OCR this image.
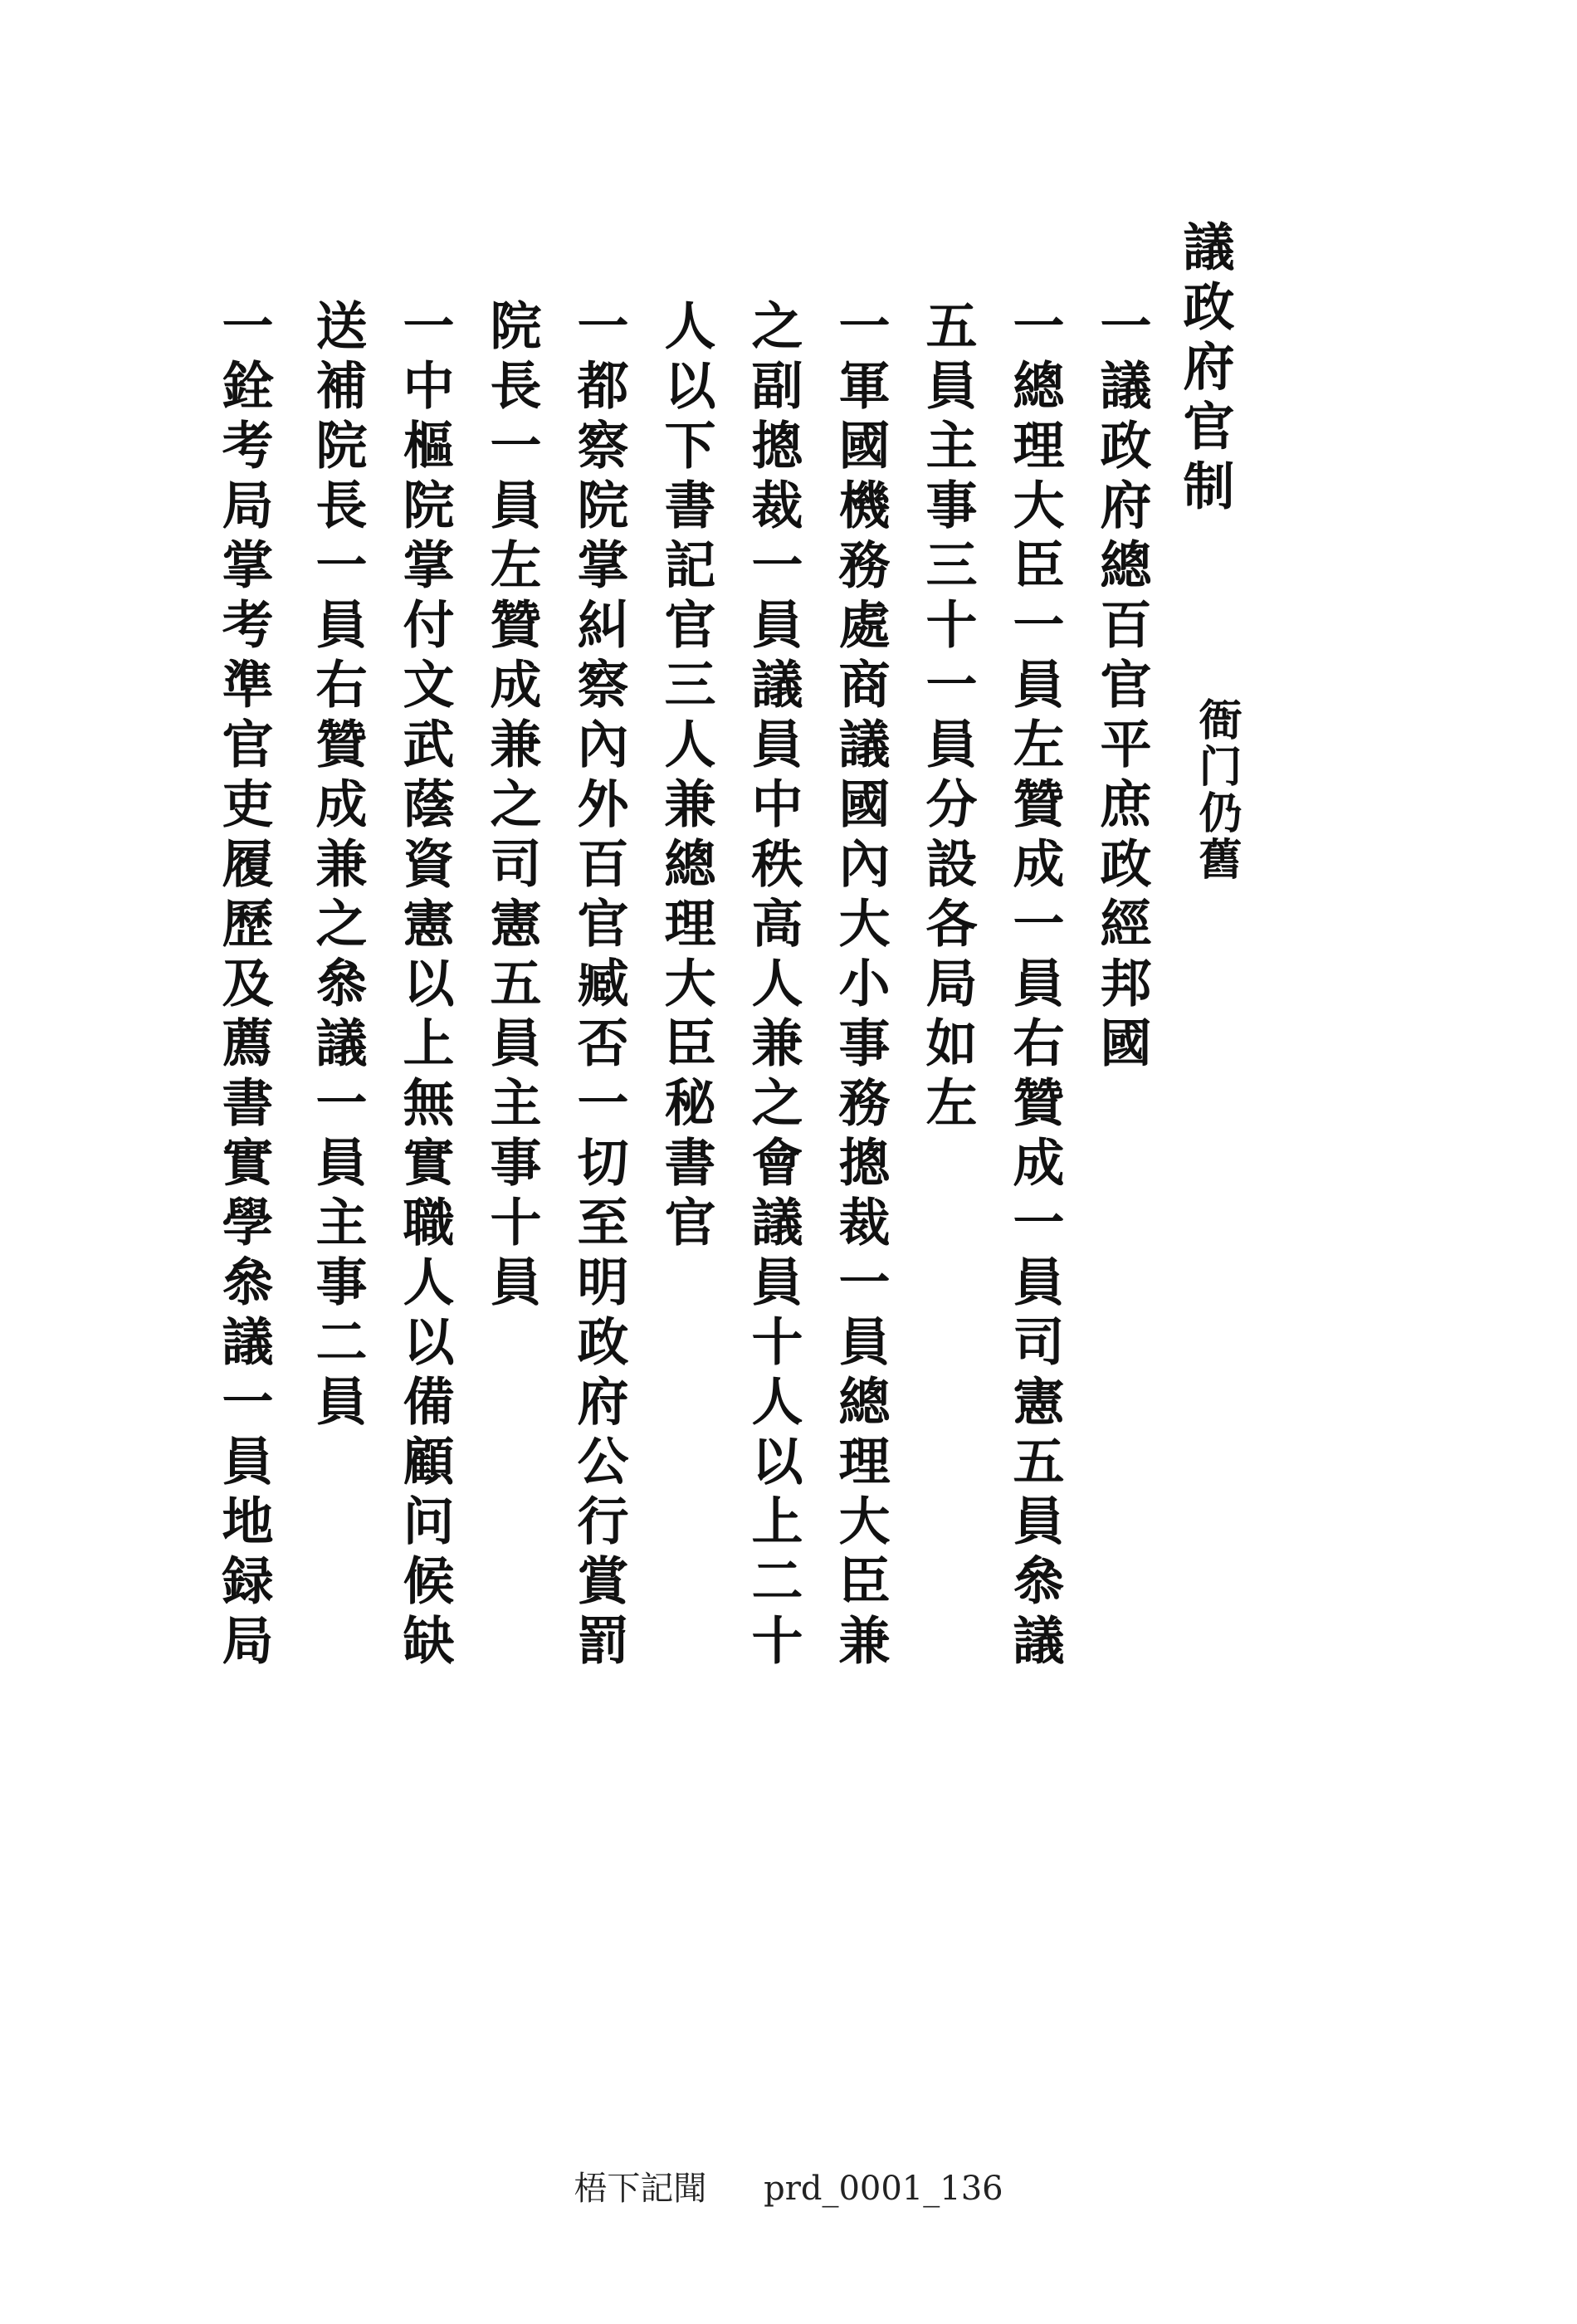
議政府官制
衙门仍舊
一議政府總百官平庶政經邦國
一總理大臣一員左贊成一員右贊成一員司憲五員叅議
五員主事三十一員分設各局如左
一軍國機務處商議國內大小事務摠裁一員總理大臣兼
之副摠裁一員議員中秩高人兼之會議員十人以上二十
人以下書記官三人兼總理大臣秘書官
一都察院掌糾察內外百官臧否一切至明政府公行賞罰
院長一員左贊成兼之司憲五員主事十員
一中樞院掌付文武蔭資憲以上無實職人以備顧问候缺
送補院長一員右贊成兼之叅議一員主事二員
一銓考局掌考準官吏履歷及薦書實學叅議一員地録局
梧下記聞 prd_0001_136
